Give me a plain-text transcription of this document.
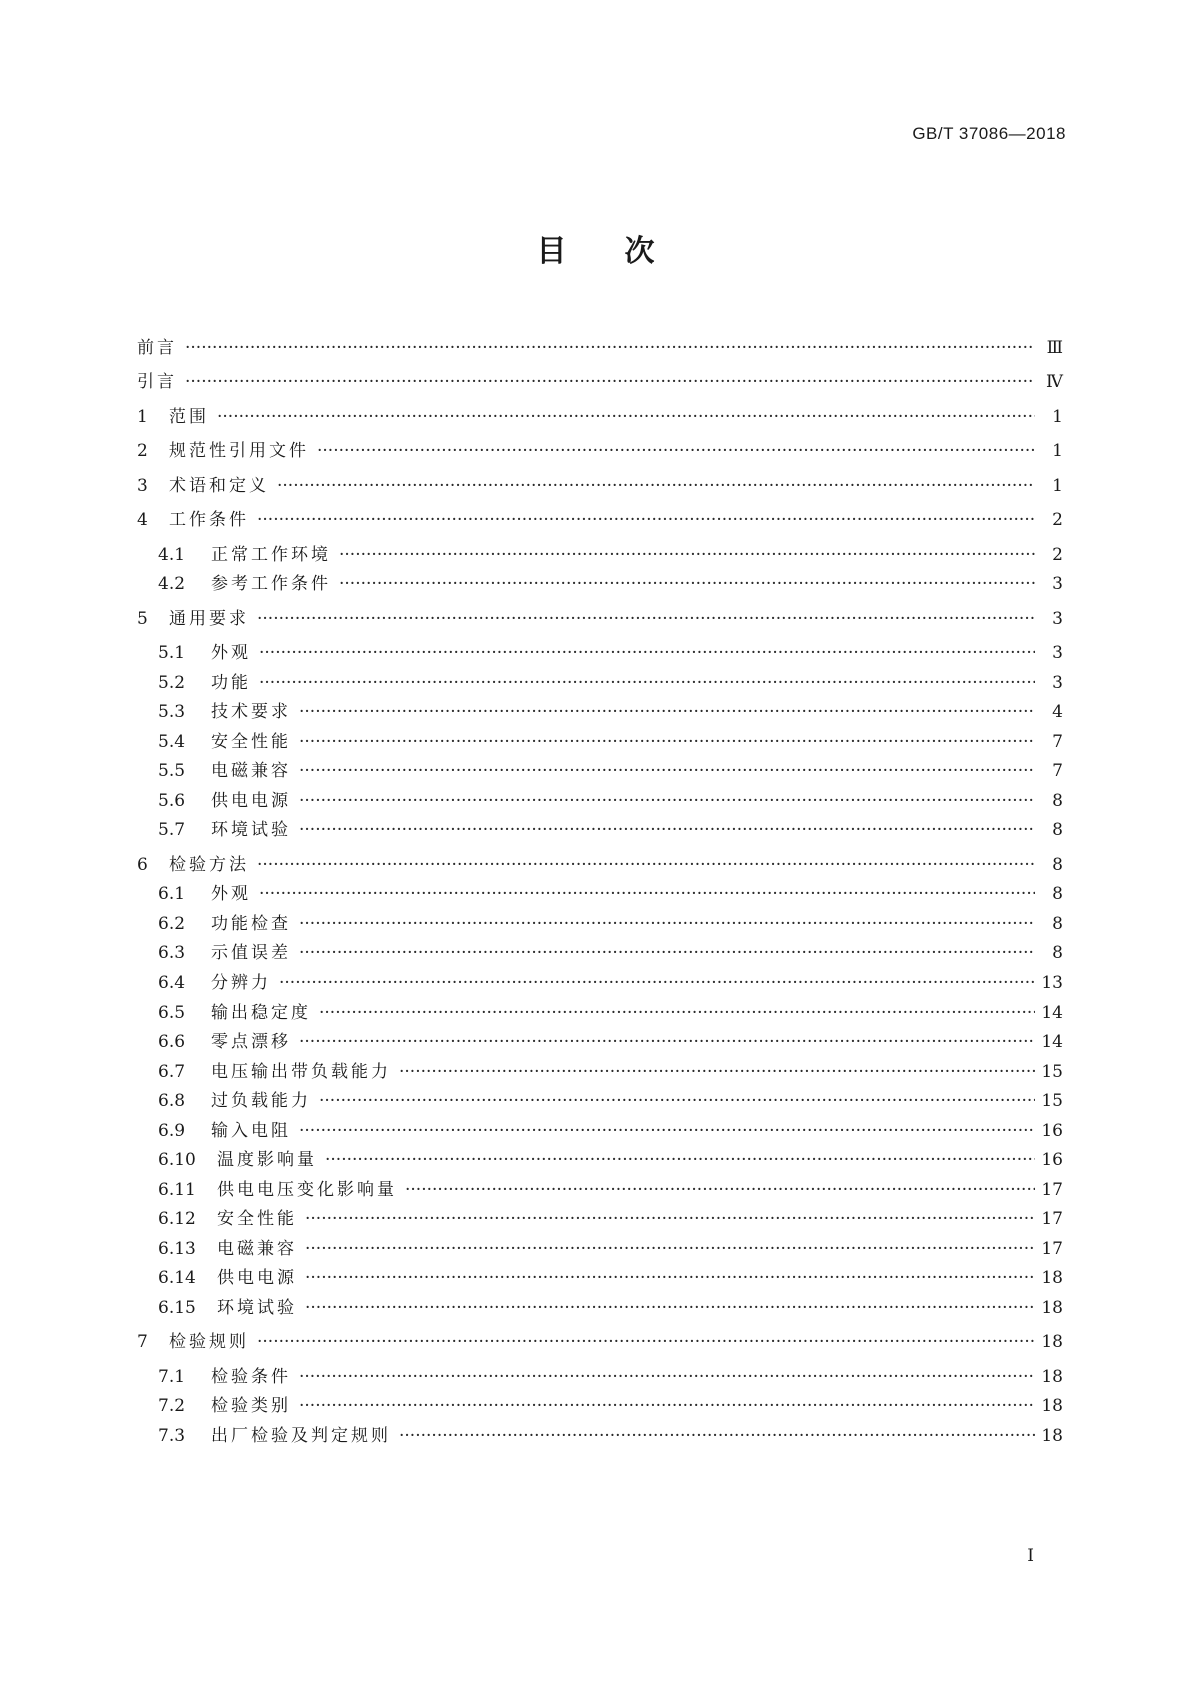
GB/T 37086—2018
目次
前言 ·····	Ⅲ
引言 ·····	Ⅳ
1	范围 ·····	1
2	规范性引用文件 ·····	1
3	术语和定义 ·····	1
4	工作条件 ·····	2
4.1	正常工作环境 ·····	2
4.2	参考工作条件 ·····	3
5	通用要求 ·····	3
5.1	外观 ·····	3
5.2	功能 ·····	3
5.3	技术要求 ·····	4
5.4	安全性能 ·····	7
5.5	电磁兼容 ·····	7
5.6	供电电源 ·····	8
5.7	环境试验 ·····	8
6	检验方法 ·····	8
6.1	外观 ·····	8
6.2	功能检查 ·····	8
6.3	示值误差 ·····	8
6.4	分辨力 ·····	13
6.5	输出稳定度 ·····	14
6.6	零点漂移 ·····	14
6.7	电压输出带负载能力 ·····	15
6.8	过负载能力 ·····	15
6.9	输入电阻 ·····	16
6.10	温度影响量 ·····	16
6.11	供电电压变化影响量 ·····	17
6.12	安全性能 ·····	17
6.13	电磁兼容 ·····	17
6.14	供电电源 ·····	18
6.15	环境试验 ·····	18
7	检验规则 ·····	18
7.1	检验条件 ·····	18
7.2	检验类别 ·····	18
7.3	出厂检验及判定规则 ·····	18
I
